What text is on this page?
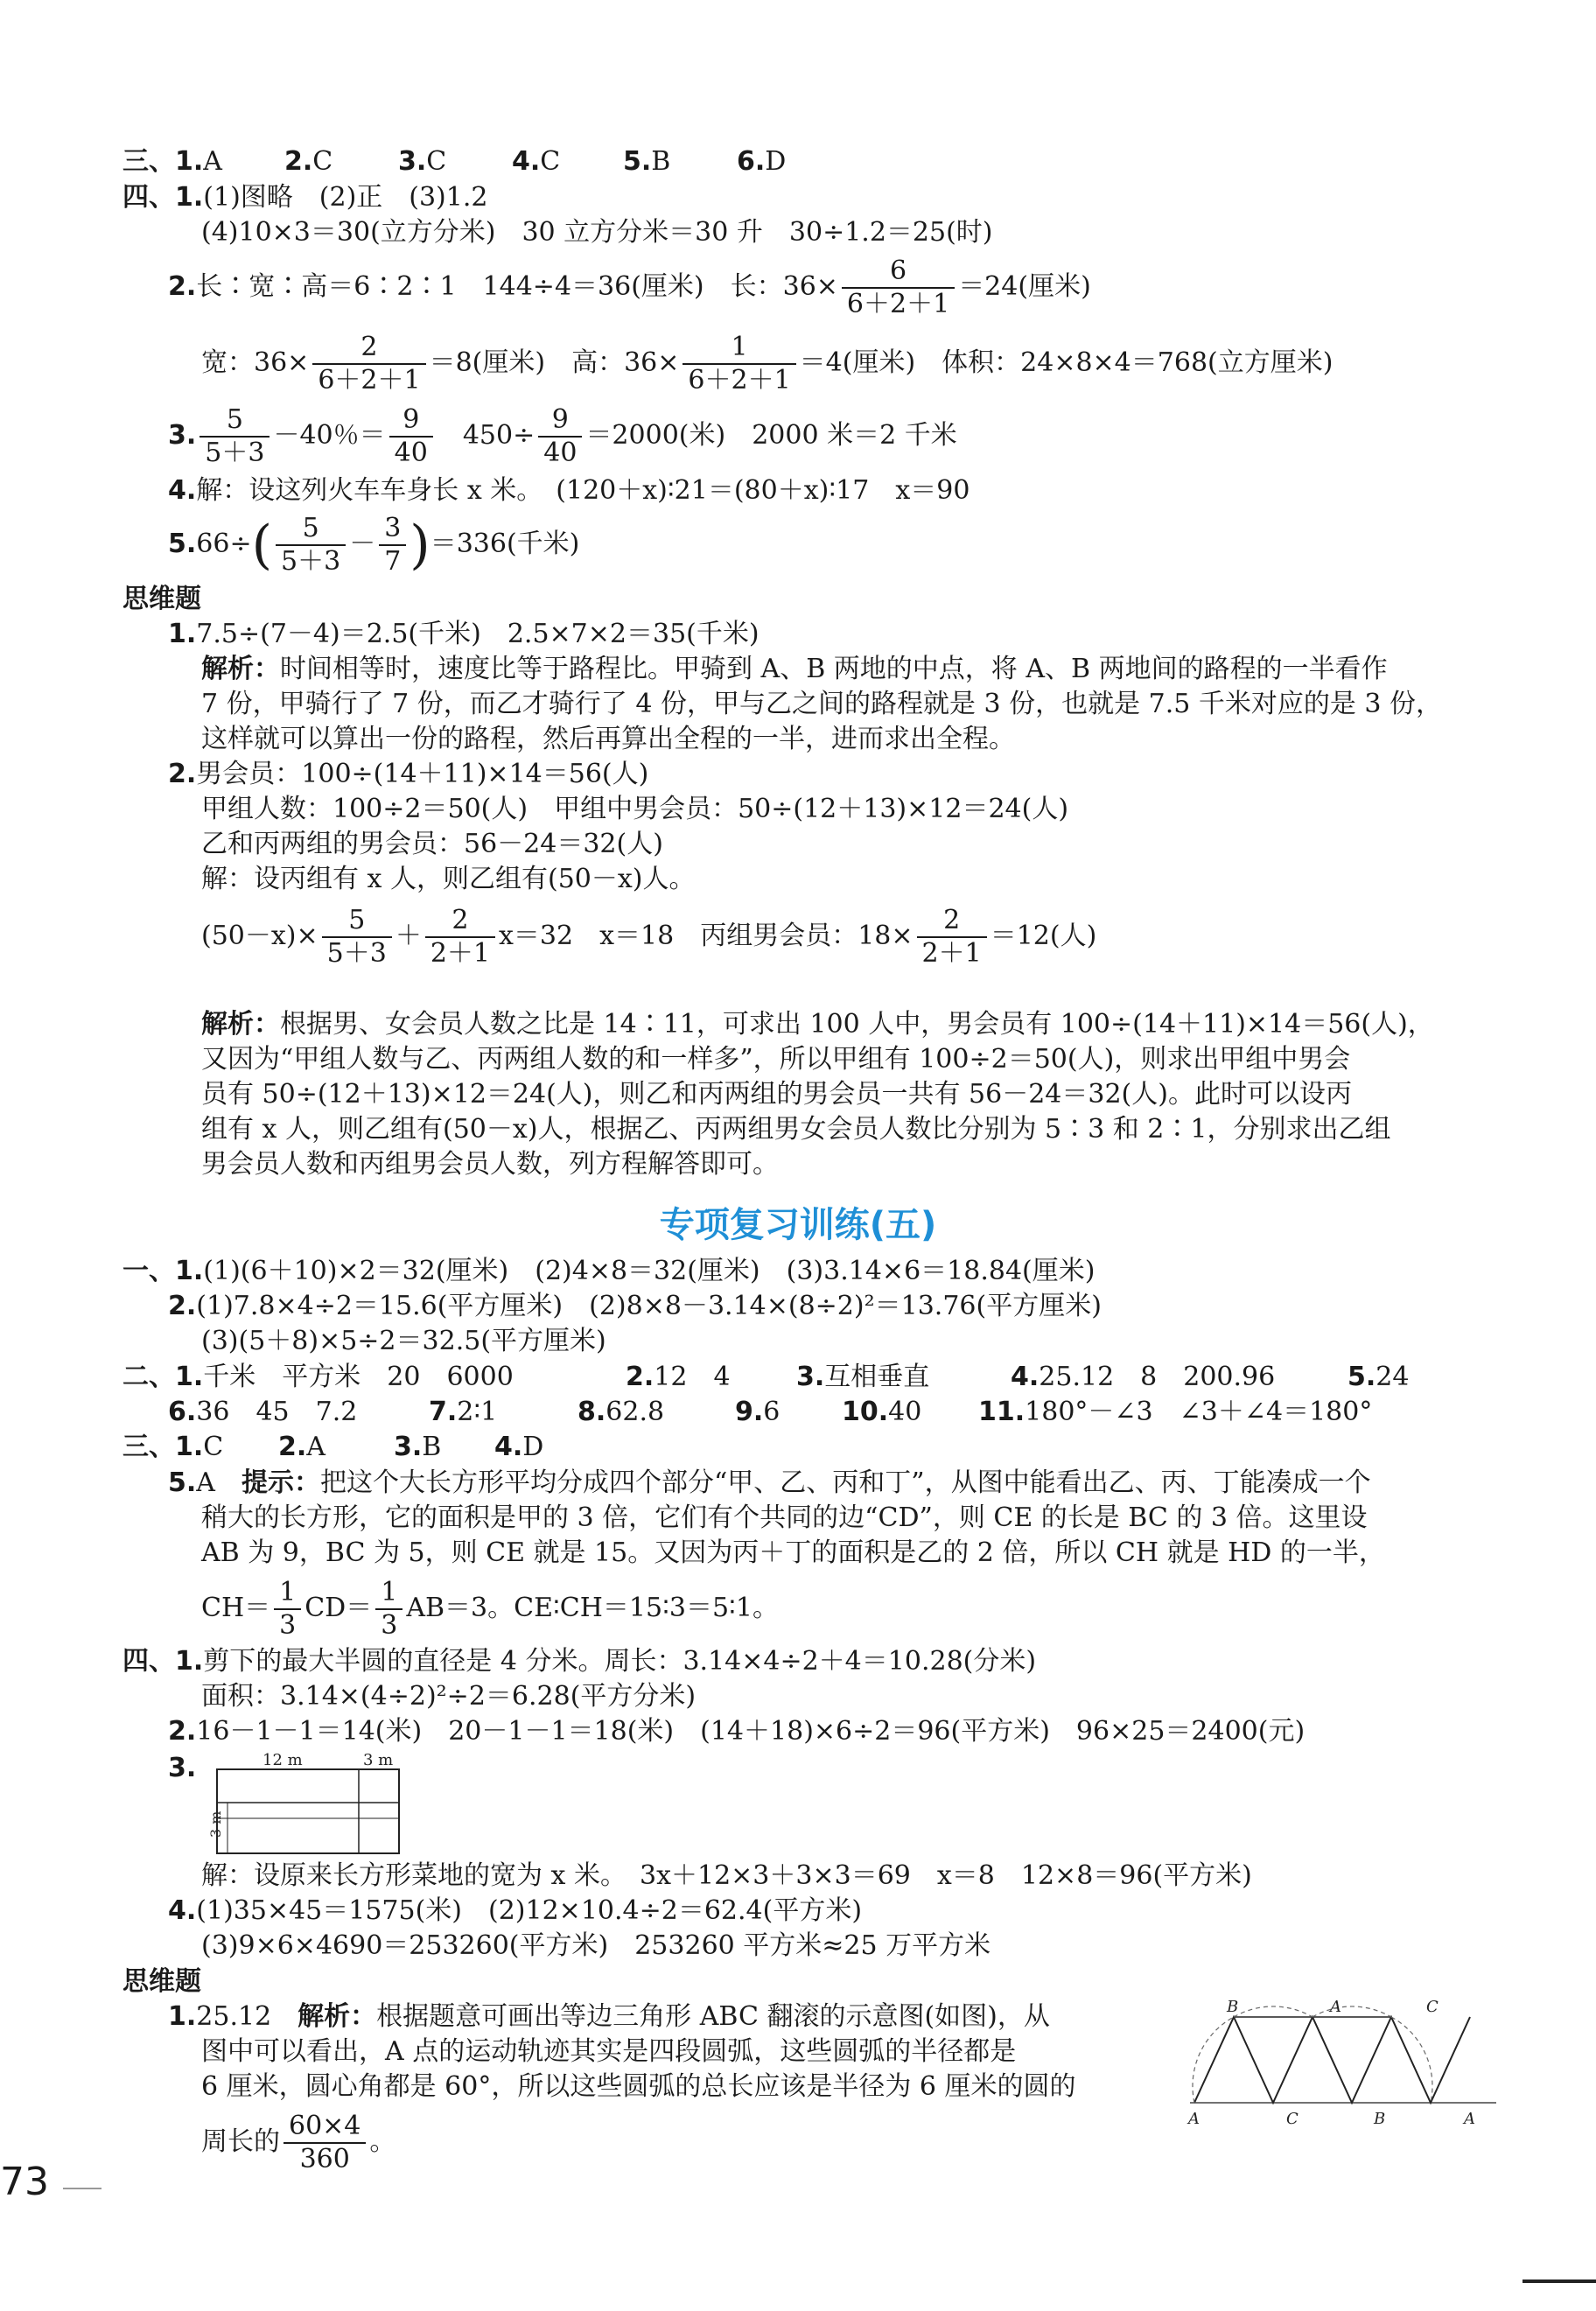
三、1.A 2.C 3.C 4.C 5.B	6.D
四、1.(1)图略　(2)正　(3)1.2
(4)10×3＝30(立方分米)　30 立方分米＝30 升　30÷1.2＝25(时)
2.长∶宽∶高＝6∶2∶1　144÷4＝36(厘米)　长：$36\times \frac{6}{6+2+1} =24$(厘米)
宽：$36\times \frac{2}{6+2+1} =8$(厘米)　高：$36\times \frac{1}{6+2+1} =4$(厘米)　体积：24×8×4＝768(立方厘米)
3. $\frac{5}{5+3} -40$％＝ $\frac{9}{40}$ 　$450\div \frac{9}{40} =2000$(米)　2000 米＝2 千米
4.解：设这列火车车身长 x 米。　(120＋x)∶21＝(80＋x)∶17　x＝90
$5.66\div( \frac{5}{5+3} - \frac{3}{7} )=336$(千米)
思维题
1.7.5÷(7－4)＝2.5(千米)　2.5×7×2＝35(千米)
解析：时间相等时，速度比等于路程比。甲骑到 A、B 两地的中点，将 A、B 两地间的路程的一半看作
7 份，甲骑行了 7 份，而乙才骑行了 4 份，甲与乙之间的路程就是 3 份，也就是 7.5 千米对应的是 3 份，
这样就可以算出一份的路程，然后再算出全程的一半，进而求出全程。
2.男会员：100÷(14＋11)×14＝56(人)
甲组人数：100÷2＝50(人)　甲组中男会员：50÷(12＋13)×12＝24(人)
乙和丙两组的男会员：56－24＝32(人)
解：设丙组有 x 人，则乙组有(50－x)人。
$(50-x)\times \frac{5}{5+3} + \frac{2}{2+1} x=32$　x＝18　丙组男会员：$18\times \frac{2}{2+1} =12$(人)
解析：根据男、女会员人数之比是 14∶11，可求出 100 人中，男会员有 100÷(14＋11)×14＝56(人)，
又因为“甲组人数与乙、丙两组人数的和一样多”，所以甲组有 100÷2＝50(人)，则求出甲组中男会
员有 50÷(12＋13)×12＝24(人)，则乙和丙两组的男会员一共有 56－24＝32(人)。此时可以设丙
组有 x 人，则乙组有(50－x)人，根据乙、丙两组男女会员人数比分别为 5∶3 和 2∶1，分别求出乙组
男会员人数和丙组男会员人数，列方程解答即可。
专项复习训练(五)
一、1.(1)(6＋10)×2＝32(厘米)　(2)4×8＝32(厘米)　(3)3.14×6＝18.84(厘米)
2.(1)7.8×4÷2＝15.6(平方厘米)　(2)8×8－3.14×(8÷2)²＝13.76(平方厘米)
(3)(5＋8)×5÷2＝32.5(平方厘米)
二、1.千米　平方米　20　6000	2.12　4	3.互相垂直	4.25.12　8　200.96	5.24
6.36　45　7.2	7.2∶1	8.62.8	9.6 10.40 11.180°－∠3　∠3＋∠4＝180°
三、1.C 2.A	3.B 4.D
5.A　 提示：把这个大长方形平均分成四个部分“甲、乙、丙和丁”，从图中能看出乙、丙、丁能凑成一个
稍大的长方形，它的面积是甲的 3 倍，它们有个共同的边“CD”，则 CE 的长是 BC 的 3 倍。这里设
AB 为 9，BC 为 5，则 CE 就是 15。又因为丙＋丁的面积是乙的 2 倍，所以 CH 就是 HD 的一半，
$CH= \frac{1}{3} CD= \frac{1}{3} AB=3$。CE∶CH＝15∶3＝5∶1。
四、1.剪下的最大半圆的直径是 4 分米。周长：3.14×4÷2＋4＝10.28(分米)
面积：3.14×(4÷2)²÷2＝6.28(平方分米)
2.16－1－1＝14(米)　20－1－1＝18(米)　(14＋18)×6÷2＝96(平方米)　96×25＝2400(元)
3.	12 m	3 m
3 m
解：设原来长方形菜地的宽为 x 米。　3x＋12×3＋3×3＝69　x＝8　12×8＝96(平方米)
4.(1)35×45＝1575(米)　(2)12×10.4÷2＝62.4(平方米)
(3)9×6×4690＝253260(平方米)　253260 平方米≈25 万平方米
思维题
1.25.12　 解析：根据题意可画出等边三角形 ABC 翻滚的示意图(如图)，从
图中可以看出，A 点的运动轨迹其实是四段圆弧，这些圆弧的半径都是
6 厘米，圆心角都是 60°，所以这些圆弧的总长应该是半径为 6 厘米的圆的
周长的 $\frac{60\times 4}{360}$ 。
B	A	C
A	C	B	A
73
